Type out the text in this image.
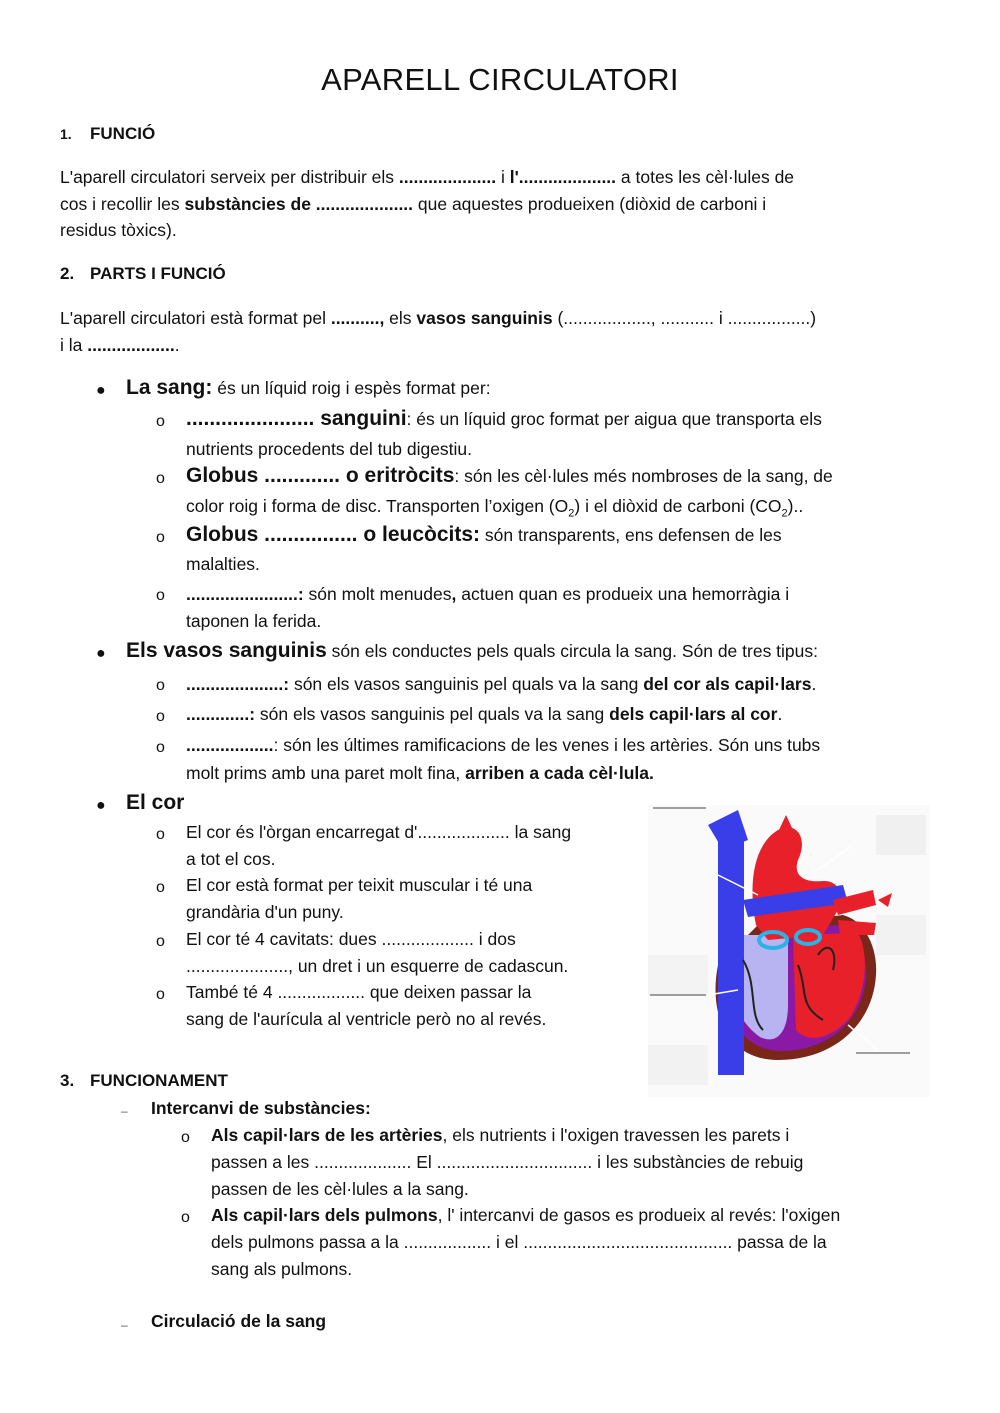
APARELL CIRCULATORI
1. FUNCIÓ
L'aparell circulatori serveix per distribuir els .................... i l'.................... a totes les cèl·lules de
cos i recollir les substàncies de .................... que aquestes produeixen (diòxid de carboni i
residus tòxics).
2. PARTS I FUNCIÓ
L'aparell circulatori està format pel .........., els vasos sanguinis (.................., ........... i .................)
i la ...................
● La sang: és un líquid roig i espès format per:
o ...................... sanguini: és un líquid groc format per aigua que transporta els
nutrients procedents del tub digestiu.
o Globus ............. o eritròcits: són les cèl·lules més nombroses de la sang, de
color roig i forma de disc. Transporten l’oxigen $(O_2)$ i el diòxid de carboni $(CO_2)$..
o Globus ................ o leucòcits: són transparents, ens defensen de les
malalties.
o .......................: són molt menudes, actuen quan es produeix una hemorràgia i
taponen la ferida.
● Els vasos sanguinis són els conductes pels quals circula la sang. Són de tres tipus:
o ....................: són els vasos sanguinis pel quals va la sang del cor als capil·lars.
o .............: són els vasos sanguinis pel quals va la sang dels capil·lars al cor.
o ..................: són les últimes ramificacions de les venes i les artèries. Són uns tubs
molt prims amb una paret molt fina, arriben a cada cèl·lula.
● El cor
o El cor és l'òrgan encarregat d'................... la sang
a tot el cos.
o El cor està format per teixit muscular i té una
grandària d'un puny.
o El cor té 4 cavitats: dues ................... i dos
....................., un dret i un esquerre de cadascun.
o També té 4 .................. que deixen passar la
sang de l'aurícula al ventricle però no al revés.
3. FUNCIONAMENT
– Intercanvi de substàncies:
o Als capil·lars de les artèries, els nutrients i l'oxigen travessen les parets i
passen a les .................... El ................................ i les substàncies de rebuig
passen de les cèl·lules a la sang.
o Als capil·lars dels pulmons, l' intercanvi de gasos es produeix al revés: l'oxigen
dels pulmons passa a la .................. i el ........................................... passa de la
sang als pulmons.
– Circulació de la sang
